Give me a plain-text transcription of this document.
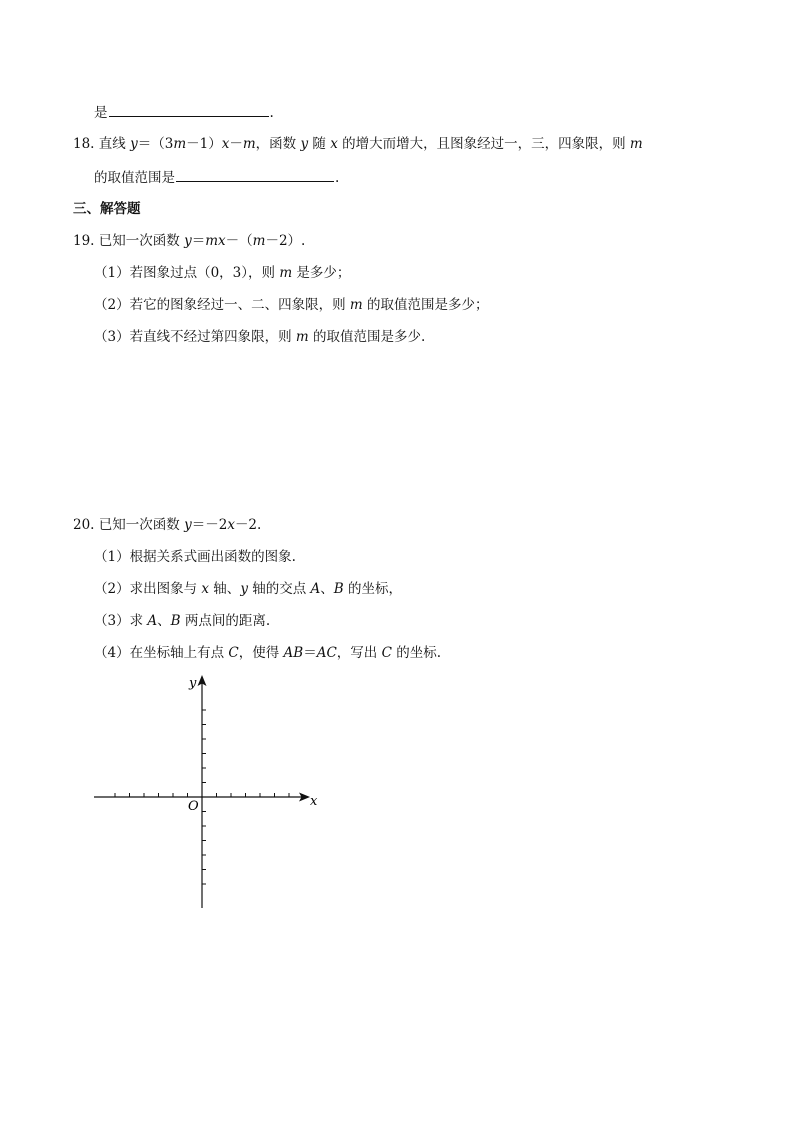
是	.
18. 直线 y＝（3m－1）x－m，函数 y 随 x 的增大而增大，且图象经过一，三，四象限，则 m
的取值范围是	.
三、解答题
19. 已知一次函数 y＝mx－（m－2）.
（1）若图象过点（0，3），则 m 是多少；
（2）若它的图象经过一、二、四象限，则 m 的取值范围是多少；
（3）若直线不经过第四象限，则 m 的取值范围是多少.
20. 已知一次函数 y＝－2x－2.
（1）根据关系式画出函数的图象.
（2）求出图象与 x 轴、y 轴的交点 A、B 的坐标，
（3）求 A、B 两点间的距离.
（4）在坐标轴上有点 C，使得 AB＝AC，写出 C 的坐标.
x
y
O
